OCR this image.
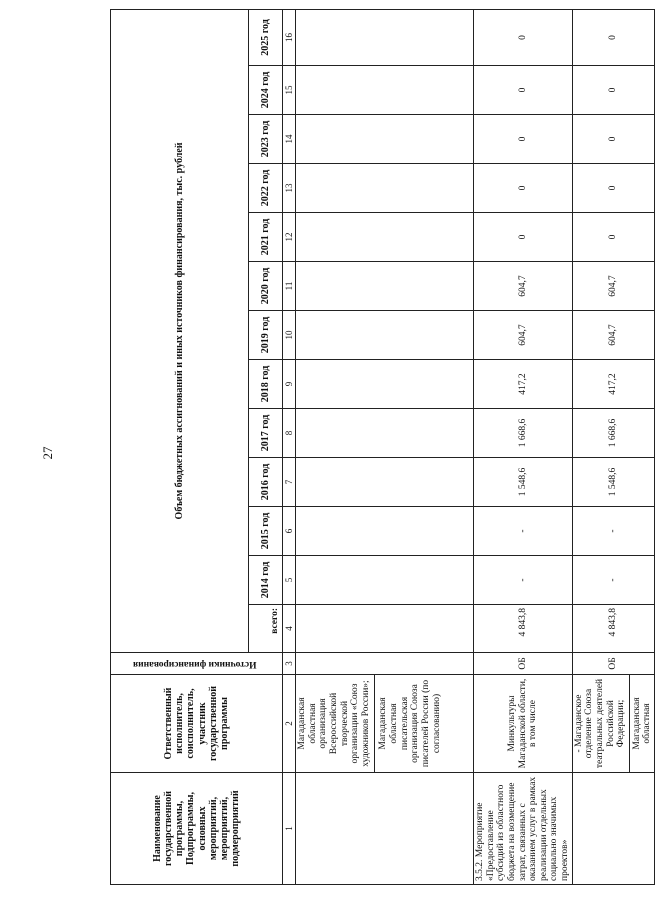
27
Наименование государственной программы, Подпрограммы, основных мероприятий, мероприятий, подмероприятий	Ответственный исполнитель, соисполнитель, участник государственной программы	Источники финансирования	Объем бюджетных ассигнований и иных источников финансирования, тыс. рублей												
			всего:	2014 год	2015 год	2016 год	2017 год	2018 год	2019 год	2020 год	2021 год	2022 год	2023 год	2024 год	2025 год
1	2	3	4	5	6	7	8	9	10	11	12	13	14	15	16

	Магаданская областная организация Всероссийской творческой организации «Союз художников России»; Магаданская областная писательская организация Союза писателей России (по согласованию)														

3.5.2. Мероприятие «Предоставление субсидий из областного бюджета на возмещение затрат, связанных с оказанием услуг в рамках реализации отдельных социально значимых проектов»	Минкультуры Магаданской области, в том числе	ОБ	4 843,8	-	-	1 548,6	1 668,6	417,2	604,7	604,7	0	0	0	0	0

	- Магаданское отделение Союза театральных деятелей Российской Федерации; Магаданская областная	ОБ	4 843,8	-	-	1 548,6	1 668,6	417,2	604,7	604,7	0	0	0	0	0
